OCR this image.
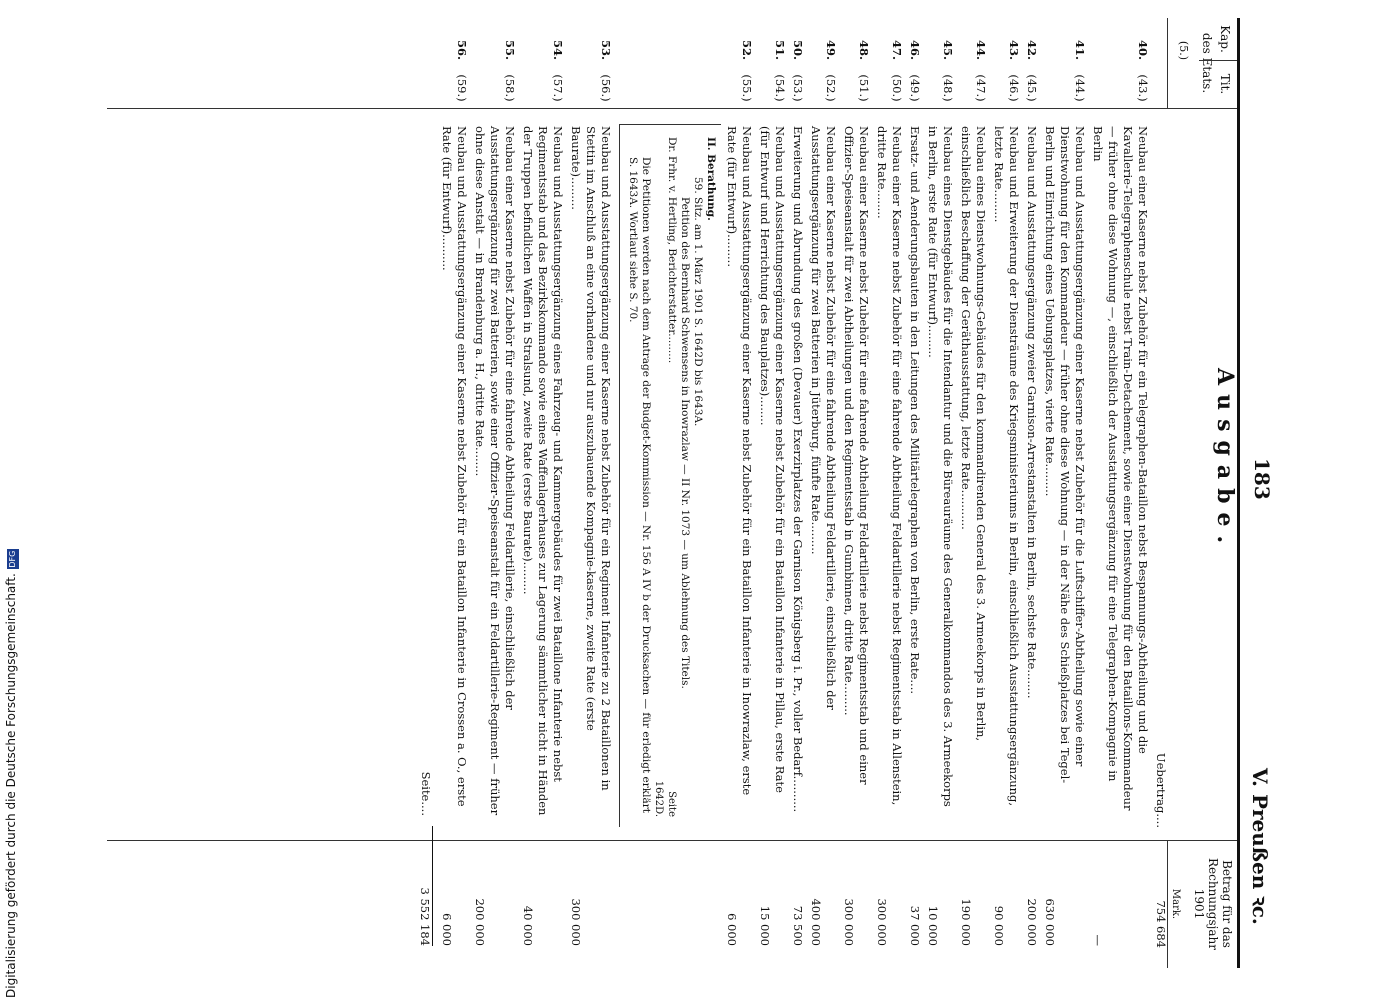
183
V. Preußen ꝛc.
Kap.
Tit.
des Etats.
Betrag für das Rechnungsjahr 1901
Mark.
Ausgabe.
(5.)
Uebertrag....
754 684
40.
(43.)
Neubau einer Kaserne nebst Zubehör für ein Telegraphen-Bataillon nebst Bespannungs-Abtheilung und die Kavallerie-Telegraphenschule nebst Train-Detachement, sowie einer Dienstwohnung für den Bataillons-Kommandeur — früher ohne diese Wohnung —, einschließlich der Ausstattungsergänzung für eine Telegraphen-Kompagnie in Berlin
—
41.
(44.)
Neubau und Ausstattungsergänzung einer Kaserne nebst Zubehör für die Luftschiffer-Abtheilung sowie einer Dienstwohnung für den Kommandeur — früher ohne diese Wohnung — in der Nähe des Schießplatzes bei Tegel-Berlin und Einrichtung eines Uebungsplatzes, vierte Rate.........
630 000
42.
(45.)
Neubau und Ausstattungsergänzung zweier Garnison-Arrestanstalten in Berlin, sechste Rate........
200 000
43.
(46.)
Neubau und Erweiterung der Diensträume des Kriegsministeriums in Berlin, einschließlich Ausstattungsergänzung, letzte Rate.........
90 000
44.
(47.)
Neubau eines Dienstwohnungs-Gebäudes für den kommandirenden General des 3. Armeekorps in Berlin, einschließlich Beschaffung der Geräthausstattung, letzte Rate...........
190 000
45.
(48.)
Neubau eines Dienstgebäudes für die Intendantur und die Büreauräume des Generalkommandos des 3. Armeekorps in Berlin, erste Rate (für Entwurf).........
10 000
46.
(49.)
Ersatz- und Aenderungsbauten in den Leitungen des Militärtelegraphen von Berlin, erste Rate....
37 000
47.
(50.)
Neubau einer Kaserne nebst Zubehör für eine fahrende Abtheilung Feldartillerie nebst Regimentsstab in Allenstein, dritte Rate........
300 000
48.
(51.)
Neubau einer Kaserne nebst Zubehör für eine fahrende Abtheilung Feldartillerie nebst Regimentsstab und einer Offizier-Speiseanstalt für zwei Abtheilungen und den Regimentsstab in Gumbinnen, dritte Rate.........
300 000
49.
(52.)
Neubau einer Kaserne nebst Zubehör für eine fahrende Abtheilung Feldartillerie, einschließlich der Ausstattungsergänzung für zwei Batterien in Jüterburg, fünfte Rate.........
400 000
50.
(53.)
Erweiterung und Abrundung des großen (Devauer) Exerzirplatzes der Garnison Königsberg i. Pr., voller Bedarf..........
73 500
51.
(54.)
Neubau und Ausstattungsergänzung einer Kaserne nebst Zubehör für ein Bataillon Infanterie in Pillau, erste Rate (für Entwurf und Herrichtung des Bauplatzes)........
15 000
52.
(55.)
Neubau und Ausstattungsergänzung einer Kaserne nebst Zubehör für ein Bataillon Infanterie in Inowrazlaw, erste Rate (für Entwurf).........
6 000
II. Berathung.
59. Sitz. am 1. März 1901 S. 1642D bis 1643A.
Petition des Bernhard Schwensens in Inowrazlaw — II Nr. 1073 — um Ablehnung des Titels.
Dr. Frhr. v. Hertling, Berichterstatter.........
Seite
1642D.
Die Petitionen werden nach dem Antrage der Budget-Kommission — Nr. 156 A IV b der Drucksachen — für erledigt erklärt S. 1643A. Wortlaut siehe S. 70.
53.
(56.)
Neubau und Ausstattungsergänzung einer Kaserne nebst Zubehör für ein Regiment Infanterie zu 2 Bataillonen in Stettin im Anschluß an eine vorhandene und nur auszubauende Kompagnie-kaserne, zweite Rate (erste Baurate).........
300 000
54.
(57.)
Neubau und Ausstattungsergänzung eines Fahrzeug- und Kammergebäudes für zwei Bataillone Infanterie nebst Regimentsstab und das Bezirkskommando sowie eines Waffenlagerhauses zur Lagerung sämmtlicher nicht in Händen der Truppen befindlichen Waffen in Stralsund, zweite Rate (erste Baurate).........
40 000
55.
(58.)
Neubau einer Kaserne nebst Zubehör für eine fahrende Abtheilung Feldartillerie, einschließlich der Ausstattungsergänzung für zwei Batterien, sowie einer Offizier-Speiseanstalt für ein Feldartillerie-Regiment — früher ohne diese Anstalt — in Brandenburg a. H., dritte Rate........
200 000
56.
(59.)
Neubau und Ausstattungsergänzung einer Kaserne nebst Zubehör für ein Bataillon Infanterie in Crossen a. O., erste Rate (für Entwurf)..........
6 000
Seite....
3 552 184
Digitalisierung gefördert durch die Deutsche Forschungsgemeinschaft.DFG
